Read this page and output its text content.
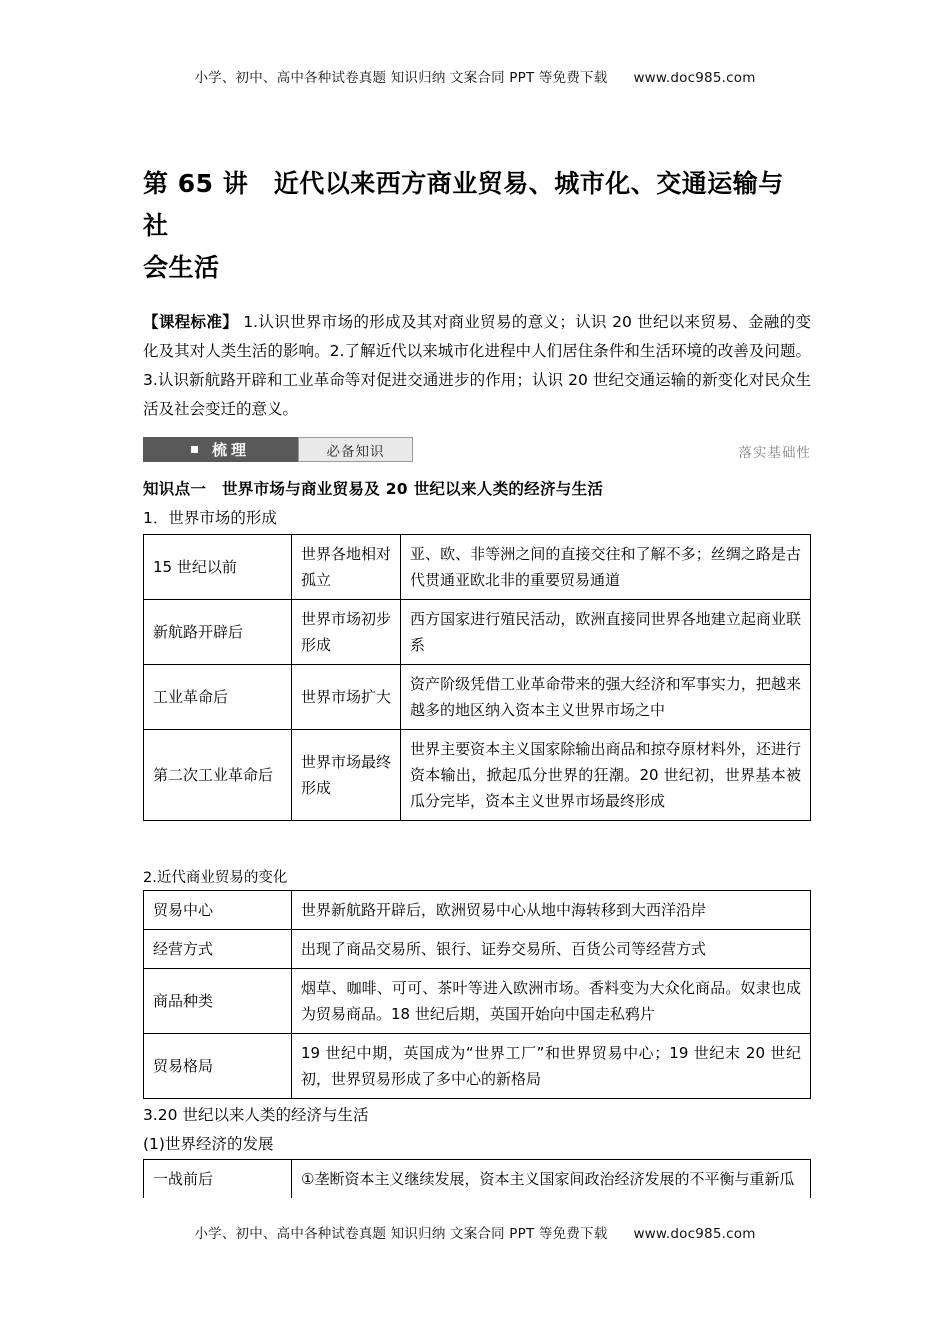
小学、初中、高中各种试卷真题 知识归纳 文案合同 PPT 等免费下载 www.doc985.com
第 65 讲　近代以来西方商业贸易、城市化、交通运输与社
会生活
【课程标准】 1.认识世界市场的形成及其对商业贸易的意义；认识 20 世纪以来贸易、金融的变化及其对人类生活的影响。2.了解近代以来城市化进程中人们居住条件和生活环境的改善及问题。3.认识新航路开辟和工业革命等对促进交通进步的作用；认识 20 世纪交通运输的新变化对民众生活及社会变迁的意义。
梳理	必备知识	落实基础性
知识点一　世界市场与商业贸易及 20 世纪以来人类的经济与生活
1．世界市场的形成
15 世纪以前	世界各地相对孤立	亚、欧、非等洲之间的直接交往和了解不多；丝绸之路是古代贯通亚欧北非的重要贸易通道
新航路开辟后	世界市场初步形成	西方国家进行殖民活动，欧洲直接同世界各地建立起商业联系
工业革命后	世界市场扩大	资产阶级凭借工业革命带来的强大经济和军事实力，把越来越多的地区纳入资本主义世界市场之中
第二次工业革命后	世界市场最终形成	世界主要资本主义国家除输出商品和掠夺原材料外，还进行资本输出，掀起瓜分世界的狂潮。20 世纪初，世界基本被瓜分完毕，资本主义世界市场最终形成
2.近代商业贸易的变化
贸易中心	世界新航路开辟后，欧洲贸易中心从地中海转移到大西洋沿岸
经营方式	出现了商品交易所、银行、证券交易所、百货公司等经营方式
商品种类	烟草、咖啡、可可、茶叶等进入欧洲市场。香料变为大众化商品。奴隶也成为贸易商品。18 世纪后期，英国开始向中国走私鸦片
贸易格局	19 世纪中期，英国成为“世界工厂”和世界贸易中心；19 世纪末 20 世纪初，世界贸易形成了多中心的新格局
3.20 世纪以来人类的经济与生活
(1)世界经济的发展
一战前后	①垄断资本主义继续发展，资本主义国家间政治经济发展的不平衡与重新瓜
小学、初中、高中各种试卷真题 知识归纳 文案合同 PPT 等免费下载 www.doc985.com
